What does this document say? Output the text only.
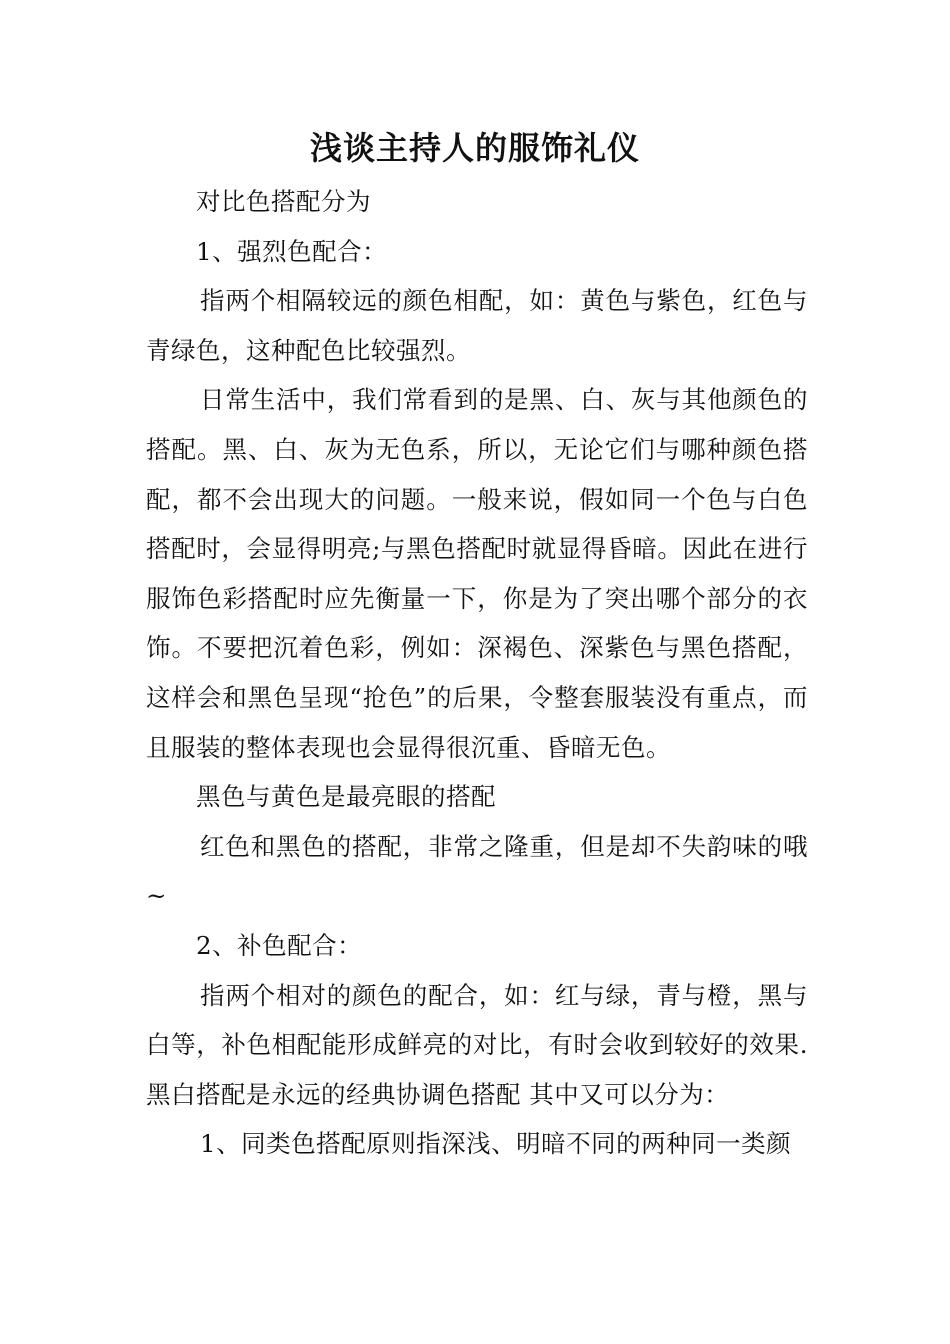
浅谈主持人的服饰礼仪

对比色搭配分为

1、强烈色配合：

指两个相隔较远的颜色相配，如：黄色与紫色，红色与青绿色，这种配色比较强烈。

日常生活中，我们常看到的是黑、白、灰与其他颜色的搭配。黑、白、灰为无色系，所以，无论它们与哪种颜色搭配，都不会出现大的问题。一般来说，假如同一个色与白色搭配时，会显得明亮;与黑色搭配时就显得昏暗。因此在进行服饰色彩搭配时应先衡量一下，你是为了突出哪个部分的衣饰。不要把沉着色彩，例如：深褐色、深紫色与黑色搭配，这样会和黑色呈现“抢色”的后果，令整套服装没有重点，而且服装的整体表现也会显得很沉重、昏暗无色。

黑色与黄色是最亮眼的搭配

红色和黑色的搭配，非常之隆重，但是却不失韵味的哦~

2、补色配合：

指两个相对的颜色的配合，如：红与绿，青与橙，黑与白等，补色相配能形成鲜亮的对比，有时会收到较好的效果.黑白搭配是永远的经典协调色搭配 其中又可以分为：

1、同类色搭配原则指深浅、明暗不同的两种同一类颜
